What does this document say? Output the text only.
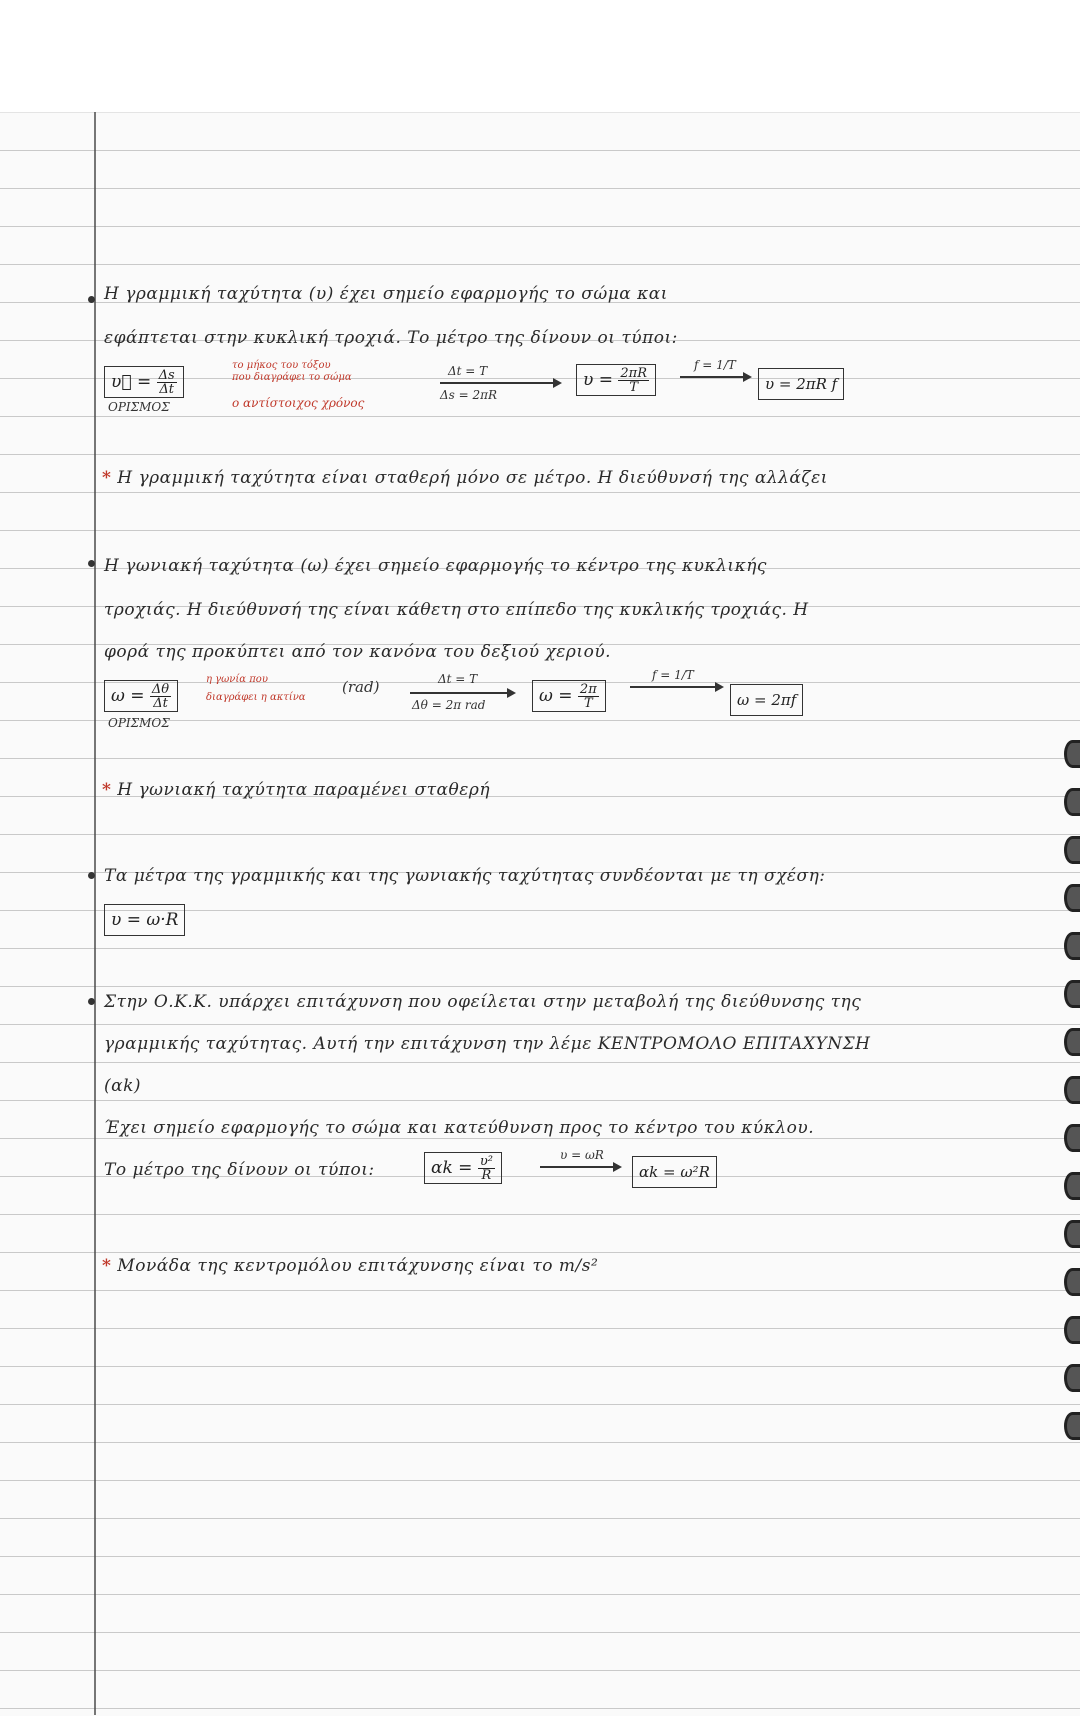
Η γραμμική ταχύτητα (υ) έχει σημείο εφαρμογής το σώμα και
εφάπτεται στην κυκλική τροχιά. Το μέτρο της δίνουν οι τύποι:
υ⃗ = $\frac{\Delta s}{\Delta t}$
ΟΡΙΣΜΟΣ
το μήκος του τόξου
που διαγράφει το σώμα
ο αντίστοιχος χρόνος
Δt = T
Δs = 2πR
$\upsilon = \frac{2\pi R}{T}$
f = 1/T
υ = 2πR f
* Η γραμμική ταχύτητα είναι σταθερή μόνο σε μέτρο. Η διεύθυνσή της αλλάζει
Η γωνιακή ταχύτητα (ω) έχει σημείο εφαρμογής το κέντρο της κυκλικής
τροχιάς. Η διεύθυνσή της είναι κάθετη στο επίπεδο της κυκλικής τροχιάς. Η
φορά της προκύπτει από τον κανόνα του δεξιού χεριού.
$\omega = \frac{\Delta\theta}{\Delta t}$
ΟΡΙΣΜΟΣ
η γωνία που
διαγράφει η ακτίνα
(rad)	Δt = T
Δθ = 2π rad	$\omega = \frac{2\pi}{T}$
f = 1/T
ω = 2πf
* Η γωνιακή ταχύτητα παραμένει σταθερή
Τα μέτρα της γραμμικής και της γωνιακής ταχύτητας συνδέονται με τη σχέση:
υ = ω·R
Στην Ο.Κ.Κ. υπάρχει επιτάχυνση που οφείλεται στην μεταβολή της διεύθυνσης της
γραμμικής ταχύτητας. Αυτή την επιτάχυνση την λέμε ΚΕΝΤΡΟΜΟΛΟ ΕΠΙΤΑΧΥΝΣΗ
(αk)
Έχει σημείο εφαρμογής το σώμα και κατεύθυνση προς το κέντρο του κύκλου.
Το μέτρο της δίνουν οι τύποι:	$\alpha k = \frac{\text{υ²}}{R}$	υ = ωR
αk = ω²R
* Μονάδα της κεντρομόλου επιτάχυνσης είναι το m/s²
